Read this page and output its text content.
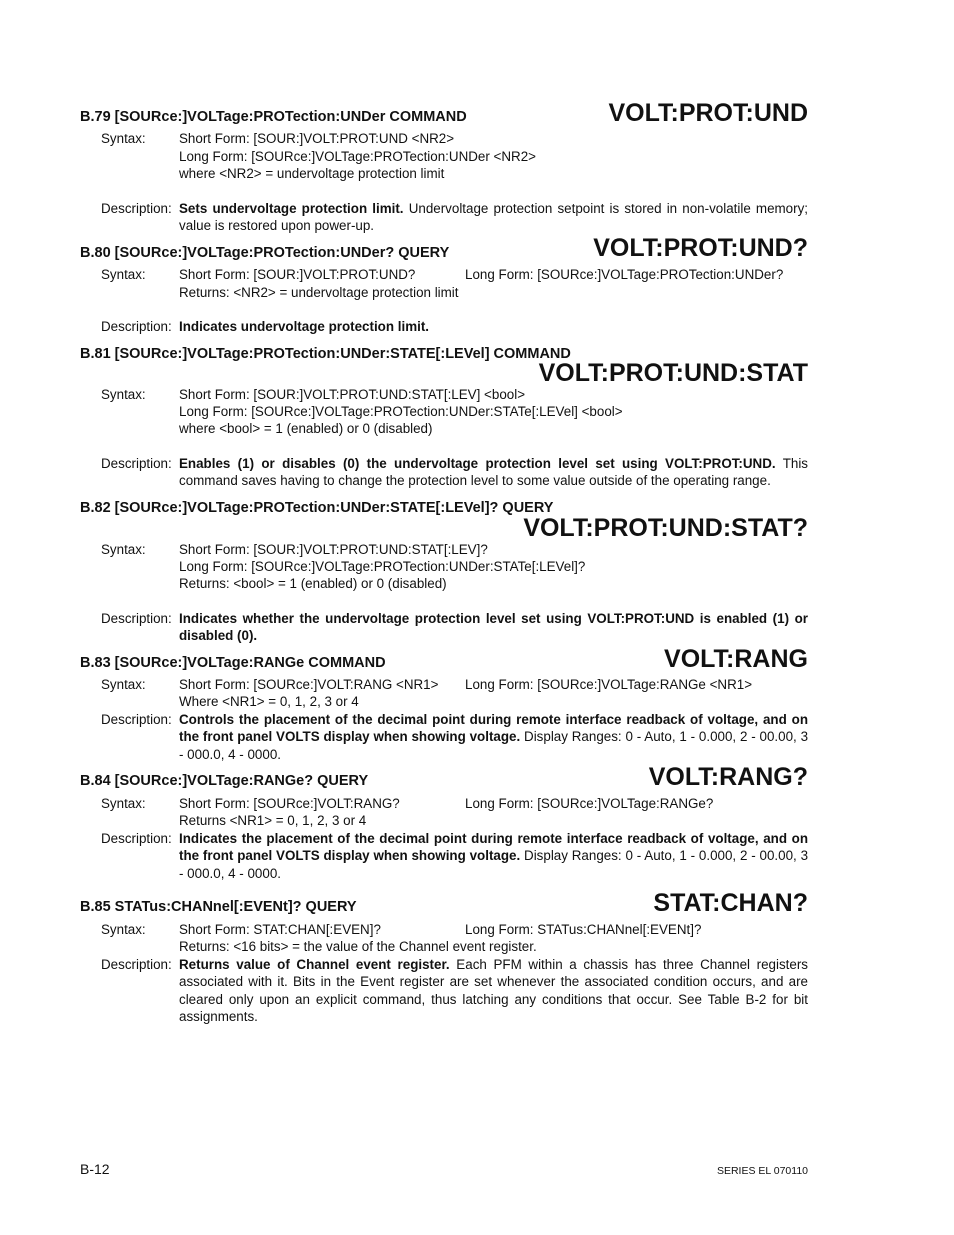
B.79 [SOURce:]VOLTage:PROTection:UNDer COMMAND	VOLT:PROT:UND
Syntax: Short Form: [SOUR:]VOLT:PROT:UND <NR2>
Long Form: [SOURce:]VOLTage:PROTection:UNDer <NR2>
where <NR2> = undervoltage protection limit
Description: Sets undervoltage protection limit. Undervoltage protection setpoint is stored in non-volatile memory; value is restored upon power-up.
B.80 [SOURce:]VOLTage:PROTection:UNDer? QUERY	VOLT:PROT:UND?
Syntax: Short Form: [SOUR:]VOLT:PROT:UND?	Long Form: [SOURce:]VOLTage:PROTection:UNDer?
Returns: <NR2> = undervoltage protection limit
Description: Indicates undervoltage protection limit.
B.81 [SOURce:]VOLTage:PROTection:UNDer:STATE[:LEVel] COMMAND
VOLT:PROT:UND:STAT
Syntax: Short Form: [SOUR:]VOLT:PROT:UND:STAT[:LEV] <bool>
Long Form: [SOURce:]VOLTage:PROTection:UNDer:STATe[:LEVel] <bool>
where <bool> = 1 (enabled) or 0 (disabled)
Description: Enables (1) or disables (0) the undervoltage protection level set using VOLT:PROT:UND. This command saves having to change the protection level to some value outside of the operating range.
B.82 [SOURce:]VOLTage:PROTection:UNDer:STATE[:LEVel]? QUERY
VOLT:PROT:UND:STAT?
Syntax: Short Form: [SOUR:]VOLT:PROT:UND:STAT[:LEV]?
Long Form: [SOURce:]VOLTage:PROTection:UNDer:STATe[:LEVel]?
Returns: <bool> = 1 (enabled) or 0 (disabled)
Description: Indicates whether the undervoltage protection level set using VOLT:PROT:UND is enabled (1) or disabled (0).
B.83 [SOURce:]VOLTage:RANGe COMMAND	VOLT:RANG
Syntax: Short Form: [SOURce:]VOLT:RANG <NR1> Long Form: [SOURce:]VOLTage:RANGe <NR1>
Where <NR1> = 0, 1, 2, 3 or 4
Description: Controls the placement of the decimal point during remote interface readback of voltage, and on the front panel VOLTS display when showing voltage. Display Ranges: 0 - Auto, 1 - 0.000, 2 - 00.00, 3 - 000.0, 4 - 0000.
B.84 [SOURce:]VOLTage:RANGe? QUERY	VOLT:RANG?
Syntax: Short Form: [SOURce:]VOLT:RANG?	Long Form: [SOURce:]VOLTage:RANGe?
Returns <NR1> = 0, 1, 2, 3 or 4
Description: Indicates the placement of the decimal point during remote interface readback of voltage, and on the front panel VOLTS display when showing voltage. Display Ranges: 0 - Auto, 1 - 0.000, 2 - 00.00, 3 - 000.0, 4 - 0000.
B.85 STATus:CHANnel[:EVENt]? QUERY	STAT:CHAN?
Syntax: Short Form: STAT:CHAN[:EVEN]?	Long Form: STATus:CHANnel[:EVENt]?
Returns: <16 bits> = the value of the Channel event register.
Description: Returns value of Channel event register. Each PFM within a chassis has three Channel registers associated with it. Bits in the Event register are set whenever the associated condition occurs, and are cleared only upon an explicit command, thus latching any conditions that occur. See Table B-2 for bit assignments.
B-12	SERIES EL 070110
